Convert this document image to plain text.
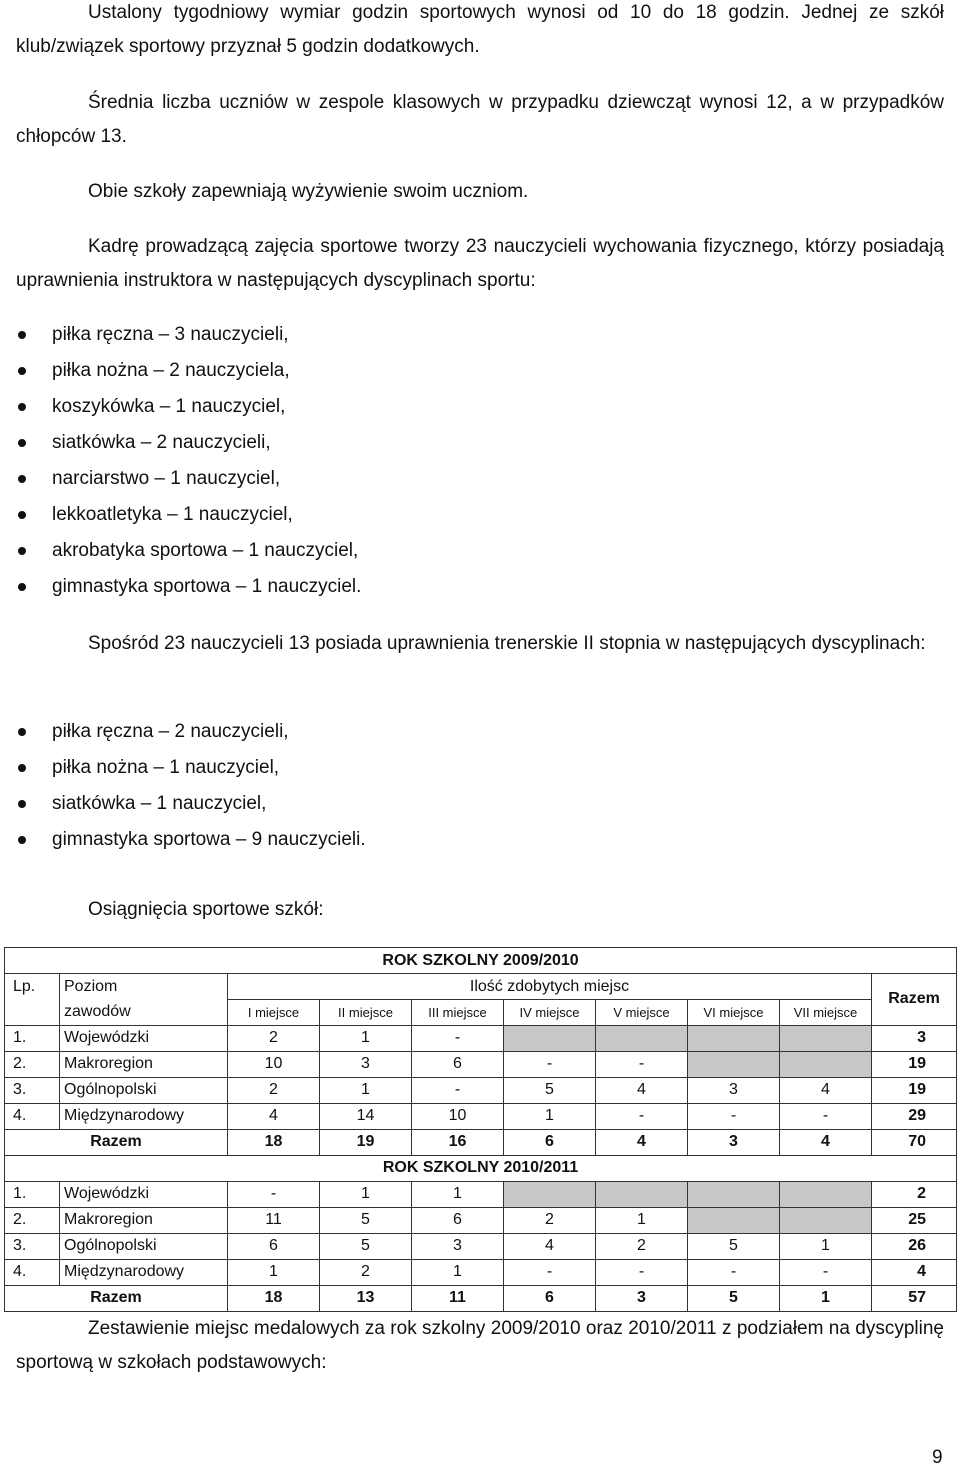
Ustalony tygodniowy wymiar godzin sportowych wynosi od 10 do 18 godzin. Jednej ze szkół klub/związek sportowy przyznał 5 godzin dodatkowych.
Średnia liczba uczniów w zespole klasowych w przypadku dziewcząt wynosi 12, a w przypadków chłopców 13.
Obie szkoły zapewniają wyżywienie swoim uczniom.
Kadrę prowadzącą zajęcia sportowe tworzy 23 nauczycieli wychowania fizycznego, którzy posiadają uprawnienia instruktora w następujących dyscyplinach sportu:
piłka ręczna – 3 nauczycieli,
piłka nożna – 2 nauczyciela,
koszykówka – 1 nauczyciel,
siatkówka – 2 nauczycieli,
narciarstwo – 1 nauczyciel,
lekkoatletyka – 1 nauczyciel,
akrobatyka sportowa – 1 nauczyciel,
gimnastyka sportowa – 1 nauczyciel.
Spośród 23 nauczycieli 13 posiada uprawnienia trenerskie II stopnia w następujących dyscyplinach:
piłka ręczna – 2 nauczycieli,
piłka nożna – 1 nauczyciel,
siatkówka – 1 nauczyciel,
gimnastyka sportowa – 9 nauczycieli.
Osiągnięcia sportowe szkół:
ROK SZKOLNY 2009/2010									
Lp.	Poziom	Ilość zdobytych miejsc							Razem
	zawodów	I miejsce	II miejsce	III miejsce	IV miejsce	V miejsce	VI miejsce	VII miejsce	
1.	Wojewódzki	2	1	-					3
2.	Makroregion	10	3	6	-	-			19
3.	Ogólnopolski	2	1	-	5	4	3	4	19
4.	Międzynarodowy	4	14	10	1	-	-	-	29
Razem		18	19	16	6	4	3	4	70
ROK SZKOLNY 2010/2011									
1.	Wojewódzki	-	1	1					2
2.	Makroregion	11	5	6	2	1			25
3.	Ogólnopolski	6	5	3	4	2	5	1	26
4.	Międzynarodowy	1	2	1	-	-	-	-	4
Razem		18	13	11	6	3	5	1	57
Zestawienie miejsc medalowych za rok szkolny 2009/2010 oraz 2010/2011 z podziałem na dyscyplinę sportową w szkołach podstawowych:
9
